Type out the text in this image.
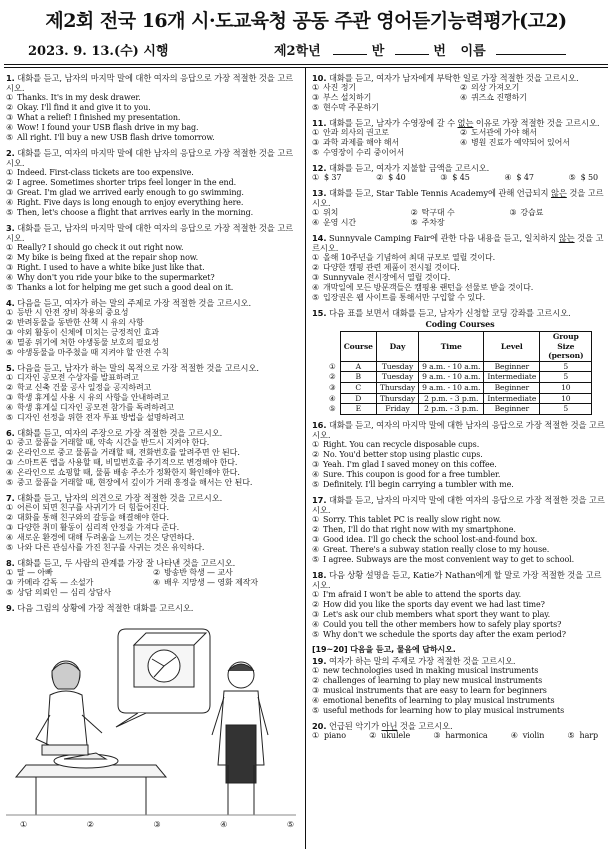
제2회 전국 16개 시·도교육청 공동 주관 영어듣기능력평가(고2)
2023. 9. 13.(수) 시행	제2학년	반	번 이름
1. 대화를 듣고, 남자의 마지막 말에 대한 여자의 응답으로 가장 적절한 것을 고르시오.
① Thanks. It's in my desk drawer.
② Okay. I'll find it and give it to you.
③ What a relief! I finished my presentation.
④ Wow! I found your USB flash drive in my bag.
⑤ All right. I'll buy a new USB flash drive tomorrow.
2. 대화를 듣고, 여자의 마지막 말에 대한 남자의 응답으로 가장 적절한 것을 고르시오.
① Indeed. First-class tickets are too expensive.
② I agree. Sometimes shorter trips feel longer in the end.
③ Great. I'm glad we arrived early enough to go swimming.
④ Right. Five days is long enough to enjoy everything here.
⑤ Then, let's choose a flight that arrives early in the morning.
3. 대화를 듣고, 남자의 마지막 말에 대한 여자의 응답으로 가장 적절한 것을 고르시오.
① Really? I should go check it out right now.
② My bike is being fixed at the repair shop now.
③ Right. I used to have a white bike just like that.
④ Why don't you ride your bike to the supermarket?
⑤ Thanks a lot for helping me get such a good deal on it.
4. 다음을 듣고, 여자가 하는 말의 주제로 가장 적절한 것을 고르시오.
① 등반 시 안전 장비 착용의 중요성
② 반려동물을 동반한 산책 시 유의 사항
③ 야외 활동이 신체에 미치는 긍정적인 효과
④ 멸종 위기에 처한 야생동물 보호의 필요성
⑤ 야생동물을 마주쳤을 때 지켜야 할 안전 수칙
5. 다음을 듣고, 남자가 하는 말의 목적으로 가장 적절한 것을 고르시오.
① 디자인 공모전 수상자를 발표하려고
② 학교 신축 건물 공사 일정을 공지하려고
③ 학생 휴게실 사용 시 유의 사항을 안내하려고
④ 학생 휴게실 디자인 공모전 참가를 독려하려고
⑤ 디자인 선정을 위한 전자 투표 방법을 설명하려고
6. 대화를 듣고, 여자의 주장으로 가장 적절한 것을 고르시오.
① 중고 물품을 거래할 때, 약속 시간을 반드시 지켜야 한다.
② 온라인으로 중고 물품을 거래할 때, 전화번호를 알려주면 안 된다.
③ 스마트폰 앱을 사용할 때, 비밀번호를 주기적으로 변경해야 한다.
④ 온라인으로 쇼핑할 때, 물품 배송 주소가 정확한지 확인해야 한다.
⑤ 중고 물품을 거래할 때, 현장에서 깊이가 거래 흥정을 해서는 안 된다.
7. 대화를 듣고, 남자의 의견으로 가장 적절한 것을 고르시오.
① 어른이 되면 친구를 사귀기가 더 힘들어진다.
② 대화를 통해 친구와의 갈등을 해결해야 한다.
③ 다양한 취미 활동이 심리적 안정을 가져다 준다.
④ 새로운 환경에 대해 두려움을 느끼는 것은 당연하다.
⑤ 나와 다른 관심사를 가진 친구를 사귀는 것은 유익하다.
8. 대화를 듣고, 두 사람의 관계를 가장 잘 나타낸 것을 고르시오.
① 딸 — 아빠	② 방송반 학생 — 교사
③ 카메라 감독 — 소설가	④ 배우 지망생 — 영화 제작자
⑤ 상담 의뢰인 — 심리 상담사
9. 다음 그림의 상황에 가장 적절한 대화를 고르시오.
①	②	③	④	⑤
10. 대화를 듣고, 여자가 남자에게 부탁한 일로 가장 적절한 것을 고르시오.
① 사진 정기	② 의상 가져오기
③ 부스 설치하기	④ 퀴즈쇼 진행하기
⑤ 현수막 주문하기
11. 대화를 듣고, 남자가 수영장에 갈 수 없는 이유로 가장 적절한 것을 고르시오.
① 안과 의사의 권고로	② 도서관에 가야 해서
③ 과학 과제를 해야 해서	④ 병원 진료가 예약되어 있어서
⑤ 수영장이 수리 중이어서
12. 대화를 듣고, 여자가 지불할 금액을 고르시오.
① $ 37	② $ 40	③ $ 45	④ $ 47	⑤ $ 50
13. 대화를 듣고, Star Table Tennis Academy에 관해 언급되지 않은 것을 고르시오.
① 위치	② 탁구대 수	③ 강습료
④ 운영 시간	⑤ 주차장
14. Sunnyvale Camping Fair에 관한 다음 내용을 듣고, 일치하지 않는 것을 고르시오.
① 올해 10주년을 기념하여 최대 규모로 열릴 것이다.
② 다양한 캠핑 관련 제품이 전시될 것이다.
③ Sunnyvale 전시장에서 열릴 것이다.
④ 개막일에 모든 방문객들은 캠핑용 랜턴을 선물로 받을 것이다.
⑤ 입장권은 웹 사이트를 통해서만 구입할 수 있다.
15. 다음 표를 보면서 대화를 듣고, 남자가 신청할 코딩 강좌를 고르시오.
Coding Courses
	Course	Day	Time	Level	Group Size (person)
①	A	Tuesday	9 a.m. - 10 a.m.	Beginner	5
②	B	Tuesday	9 a.m. - 10 a.m.	Intermediate	5
③	C	Thursday	9 a.m. - 10 a.m.	Beginner	10
④	D	Thursday	2 p.m. - 3 p.m.	Intermediate	10
⑤	E	Friday	2 p.m. - 3 p.m.	Beginner	5
16. 대화를 듣고, 여자의 마지막 말에 대한 남자의 응답으로 가장 적절한 것을 고르시오.
① Right. You can recycle disposable cups.
② No. You'd better stop using plastic cups.
③ Yeah. I'm glad I saved money on this coffee.
④ Sure. This coupon is good for a free tumbler.
⑤ Definitely. I'll begin carrying a tumbler with me.
17. 대화를 듣고, 남자의 마지막 말에 대한 여자의 응답으로 가장 적절한 것을 고르시오.
① Sorry. This tablet PC is really slow right now.
② Then, I'll do that right now with my smartphone.
③ Good idea. I'll go check the school lost-and-found box.
④ Great. There's a subway station really close to my house.
⑤ I agree. Subways are the most convenient way to get to school.
18. 다음 상황 설명을 듣고, Katie가 Nathan에게 할 말로 가장 적절한 것을 고르시오.
① I'm afraid I won't be able to attend the sports day.
② How did you like the sports day event we had last time?
③ Let's ask our club members what sport they want to play.
④ Could you tell the other members how to safely play sports?
⑤ Why don't we schedule the sports day after the exam period?
[19~20] 다음을 듣고, 물음에 답하시오.
19. 여자가 하는 말의 주제로 가장 적절한 것을 고르시오.
① new technologies used in making musical instruments
② challenges of learning to play new musical instruments
③ musical instruments that are easy to learn for beginners
④ emotional benefits of learning to play musical instruments
⑤ useful methods for learning how to play musical instruments
20. 언급된 악기가 아닌 것을 고르시오.
① piano	② ukulele	③ harmonica	④ violin	⑤ harp
